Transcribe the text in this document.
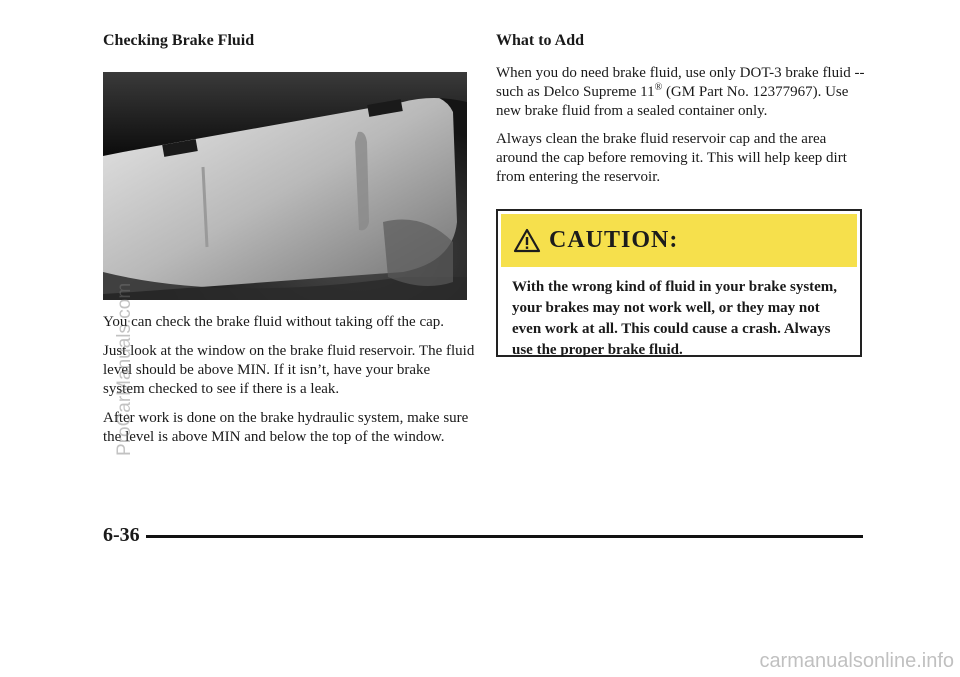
Checking Brake Fluid

You can check the brake fluid without taking off the cap.

Just look at the window on the brake fluid reservoir. The fluid level should be above MIN. If it isn’t, have your brake system checked to see if there is a leak.

After work is done on the brake hydraulic system, make sure the level is above MIN and below the top of the window.

What to Add

When you do need brake fluid, use only DOT-3 brake fluid -- such as Delco Supreme 11® (GM Part No. 12377967). Use new brake fluid from a sealed container only.

Always clean the brake fluid reservoir cap and the area around the cap before removing it. This will help keep dirt from entering the reservoir.

CAUTION:
With the wrong kind of fluid in your brake system, your brakes may not work well, or they may not even work at all. This could cause a crash. Always use the proper brake fluid.
6-36
ProCarManuals.com
carmanualsonline.info
